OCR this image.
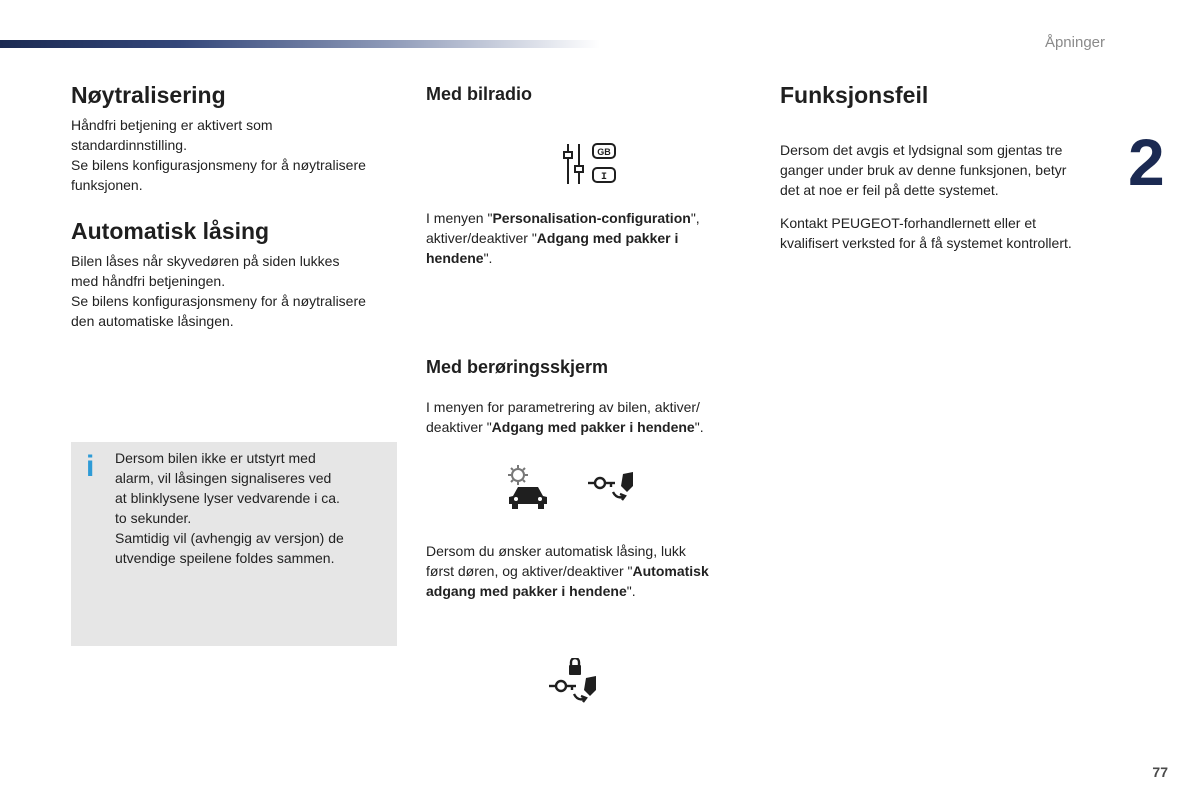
Åpninger
2
77
Nøytralisering
Håndfri betjening er aktivert som
standardinnstilling.
Se bilens konfigurasjonsmeny for å nøytralisere
funksjonen.
Automatisk låsing
Bilen låses når skyvedøren på siden lukkes
med håndfri betjeningen.
Se bilens konfigurasjonsmeny for å nøytralisere
den automatiske låsingen.
i Dersom bilen ikke er utstyrt med
alarm, vil låsingen signaliseres ved
at blinklysene lyser vedvarende i ca.
to sekunder.
Samtidig vil (avhengig av versjon) de
utvendige speilene foldes sammen.
Med bilradio
GB
I
I menyen "Personalisation-configuration",
aktiver/deaktiver "Adgang med pakker i
hendene".
Med berøringsskjerm
I menyen for parametrering av bilen, aktiver/
deaktiver "Adgang med pakker i hendene".
Dersom du ønsker automatisk låsing, lukk
først døren, og aktiver/deaktiver "Automatisk
adgang med pakker i hendene".
Funksjonsfeil
Dersom det avgis et lydsignal som gjentas tre
ganger under bruk av denne funksjonen, betyr
det at noe er feil på dette systemet.
Kontakt PEUGEOT-forhandlernett eller et
kvalifisert verksted for å få systemet kontrollert.
